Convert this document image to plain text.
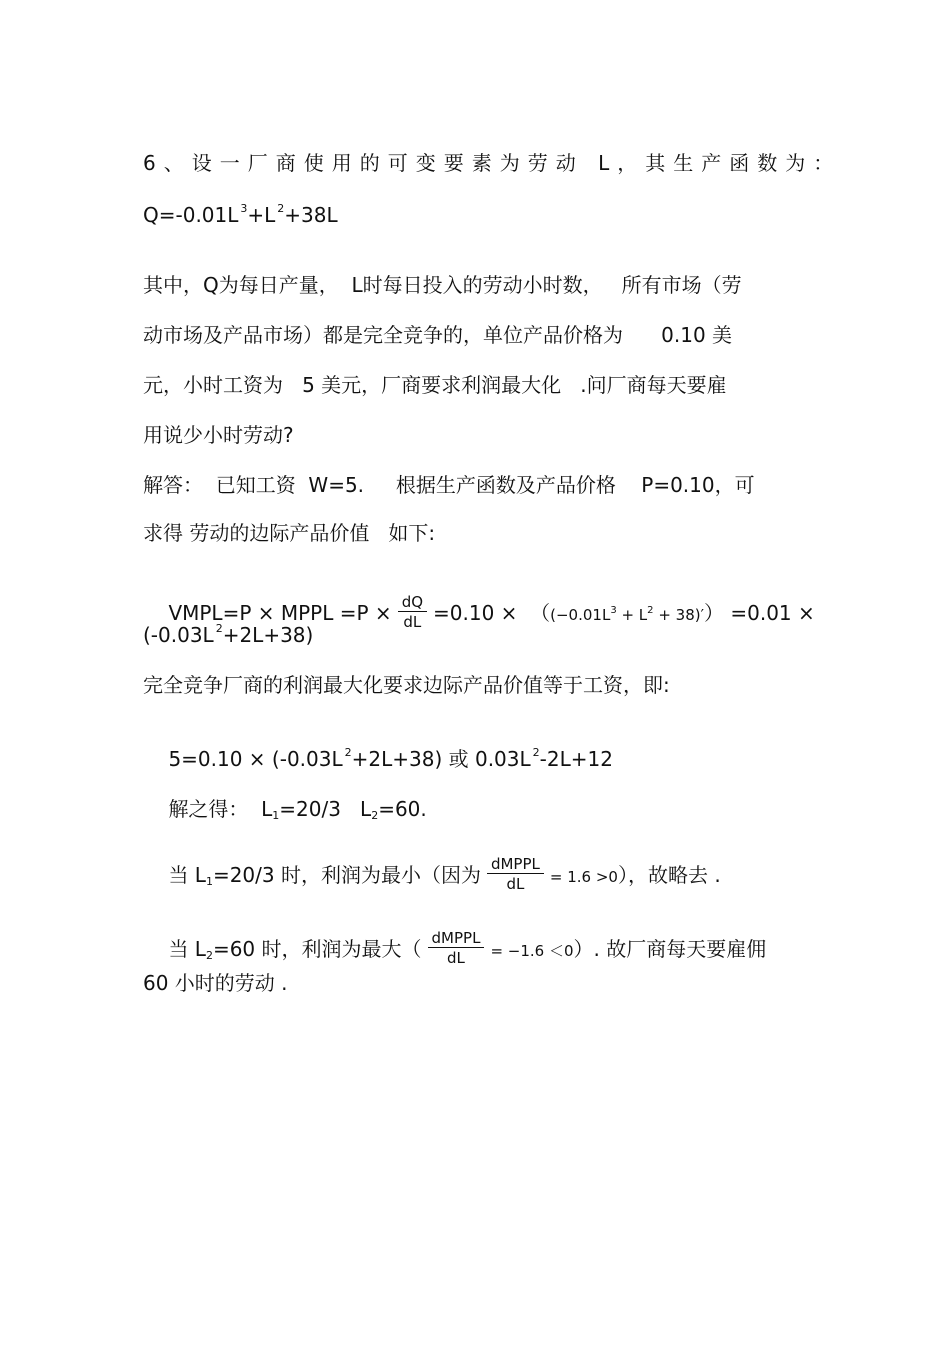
6、设一厂商使用的可变要素为劳动 L，其生产函数为：
Q=-0.01L $^3$+L $^2$+38L
其中，Q为每日产量，  L时每日投入的劳动小时数，   所有市场（劳
动市场及产品市场）都是完全竞争的，单位产品价格为      0.10 美
元，小时工资为   5 美元，厂商要求利润最大化   .问厂商每天要雇
用说少小时劳动?
解答：  已知工资  W=5.     根据生产函数及产品价格    P=0.10，可
求得 劳动的边际产品价值   如下:

VMPL=P × MPPL $=P \times \frac{dQ}{dL} =0.10 \times ((-0.01L^3 + L^2 + 38)') =0.01$ ×

(-0.03L $^2$+2L+38)
完全竞争厂商的利润最大化要求边际产品价值等于工资，即:

5=0.10 × (-0.03L $^2$+2L+38) 或 0.03L $^2$-2L+12

解之得：  $L_1=20/3$   $L_2=60$.

当 $L_1=20/3$ 时，利润为最小（因为 $\frac{\text{dMPPL}}{dL} = 1.6 >0$），故略去 .

当 $L_2=60$ 时，利润为最大（ $\frac{\text{dMPPL}}{dL} = -1.6 <0$）. 故厂商每天要雇佣

60 小时的劳动 .
